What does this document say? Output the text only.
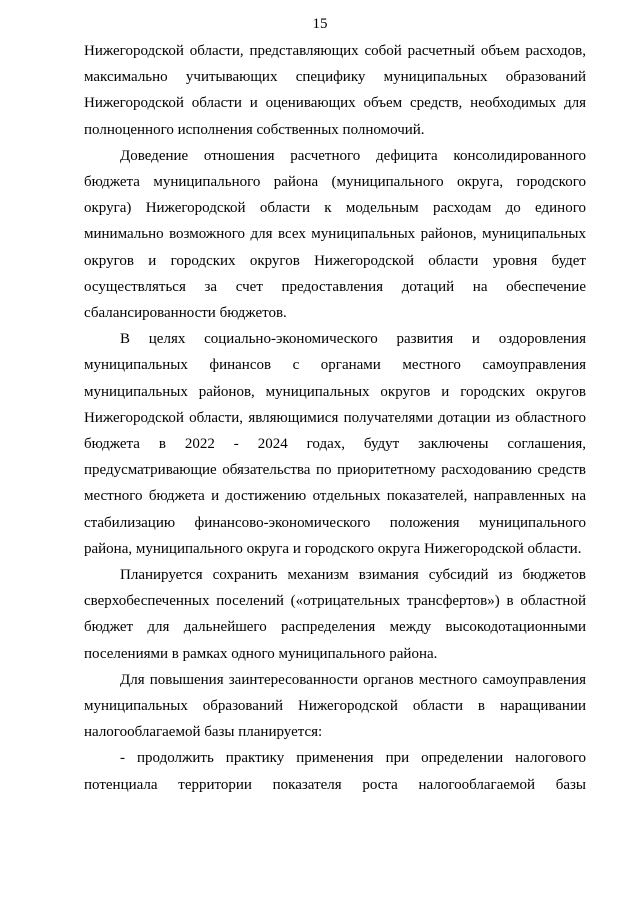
15

Нижегородской области, представляющих собой расчетный объем расходов, максимально учитывающих специфику муниципальных образований Нижегородской области и оценивающих объем средств, необходимых для полноценного исполнения собственных полномочий.

Доведение отношения расчетного дефицита консолидированного бюджета муниципального района (муниципального округа, городского округа) Нижегородской области к модельным расходам до единого минимально возможного для всех муниципальных районов, муниципальных округов и городских округов Нижегородской области уровня будет осуществляться за счет предоставления дотаций на обеспечение сбалансированности бюджетов.

В целях социально-экономического развития и оздоровления муниципальных финансов с органами местного самоуправления муниципальных районов, муниципальных округов и городских округов Нижегородской области, являющимися получателями дотации из областного бюджета в 2022 - 2024 годах, будут заключены соглашения, предусматривающие обязательства по приоритетному расходованию средств местного бюджета и достижению отдельных показателей, направленных на стабилизацию финансово-экономического положения муниципального района, муниципального округа и городского округа Нижегородской области.

Планируется сохранить механизм взимания субсидий из бюджетов сверхобеспеченных поселений («отрицательных трансфертов») в областной бюджет для дальнейшего распределения между высокодотационными поселениями в рамках одного муниципального района.

Для повышения заинтересованности органов местного самоуправления муниципальных образований Нижегородской области в наращивании налогооблагаемой базы планируется:

- продолжить практику применения при определении налогового потенциала территории показателя роста налогооблагаемой базы
